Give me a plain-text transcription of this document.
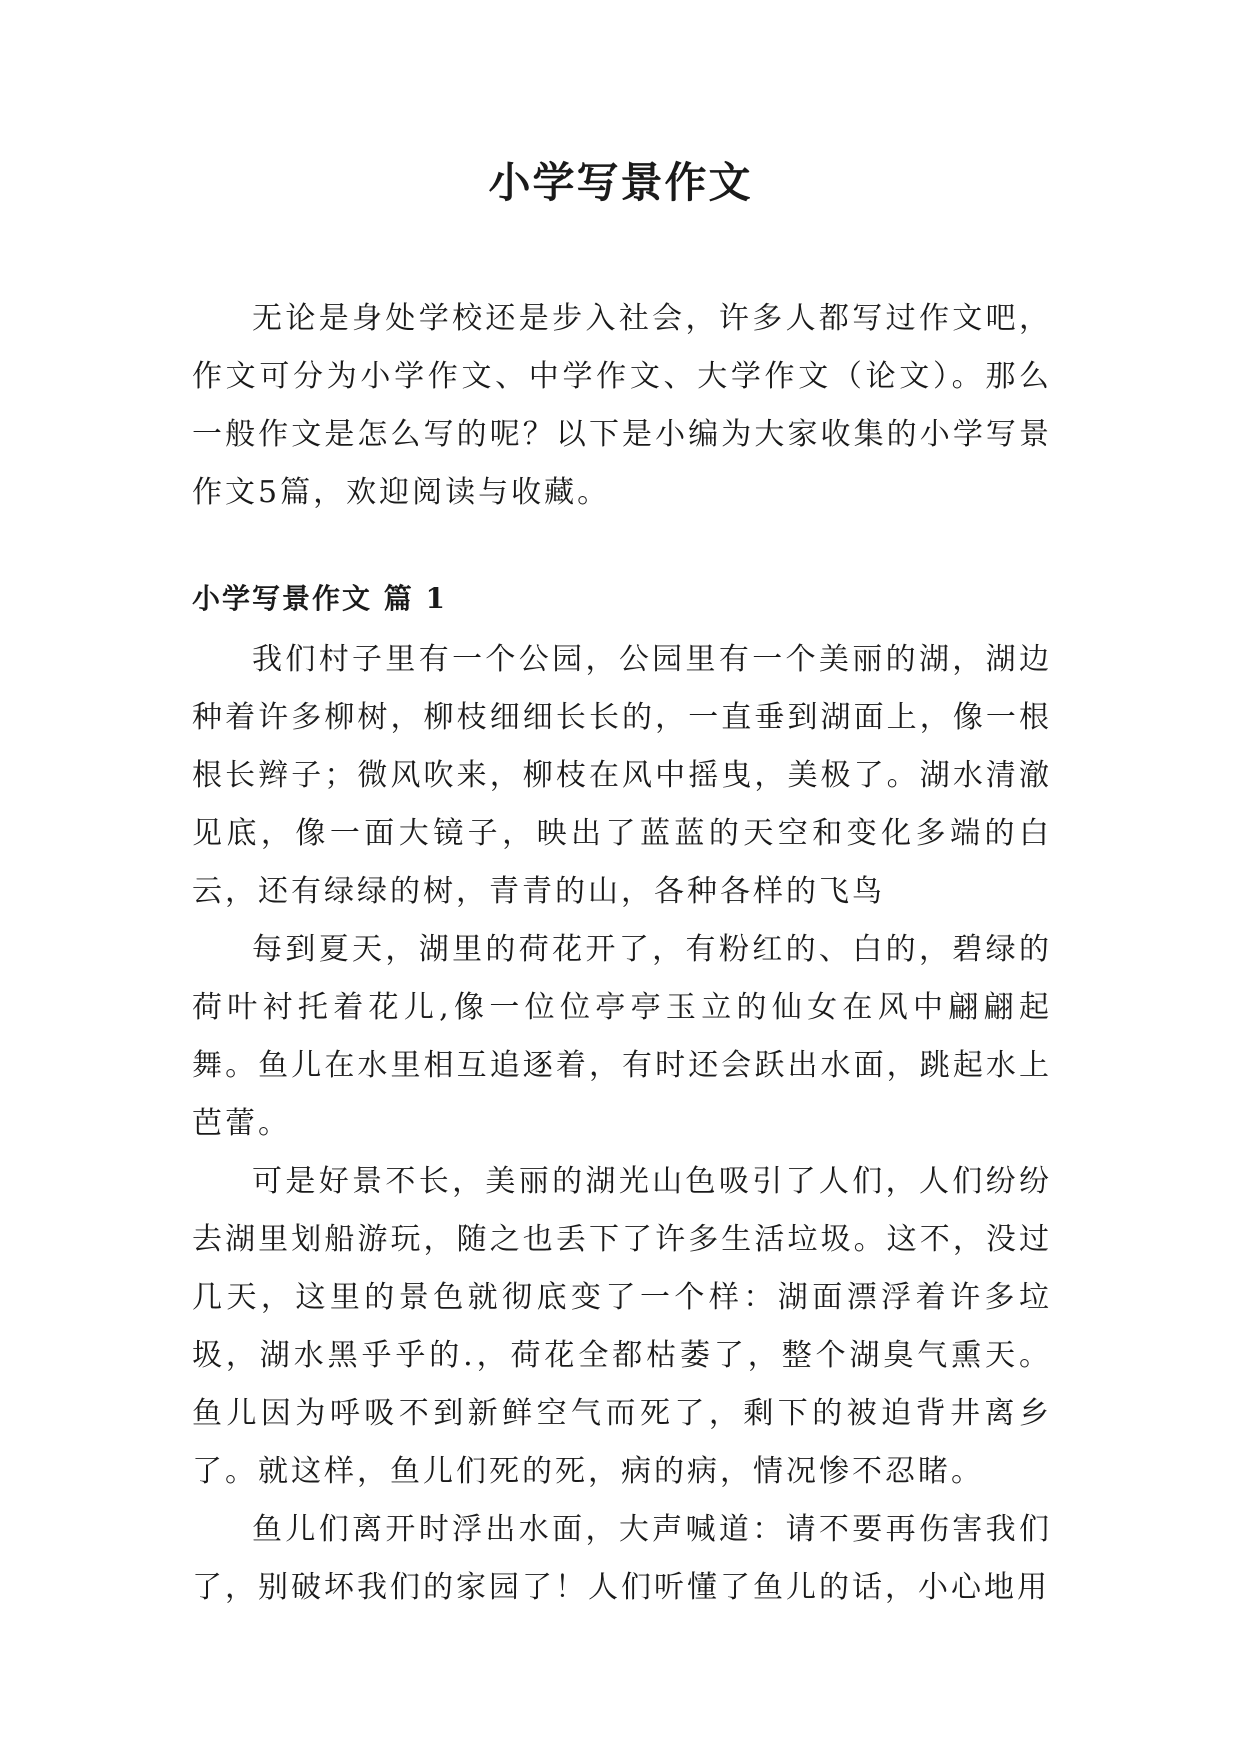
小学写景作文

无论是身处学校还是步入社会，许多人都写过作文吧，作文可分为小学作文、中学作文、大学作文（论文）。那么一般作文是怎么写的呢？以下是小编为大家收集的小学写景作文5篇，欢迎阅读与收藏。

小学写景作文 篇 1

我们村子里有一个公园，公园里有一个美丽的湖，湖边种着许多柳树，柳枝细细长长的，一直垂到湖面上，像一根根长辫子；微风吹来，柳枝在风中摇曳，美极了。湖水清澈见底，像一面大镜子，映出了蓝蓝的天空和变化多端的白云，还有绿绿的树，青青的山，各种各样的飞鸟

每到夏天，湖里的荷花开了，有粉红的、白的，碧绿的荷叶衬托着花儿,像一位位亭亭玉立的仙女在风中翩翩起舞。鱼儿在水里相互追逐着，有时还会跃出水面，跳起水上芭蕾。

可是好景不长，美丽的湖光山色吸引了人们，人们纷纷去湖里划船游玩，随之也丢下了许多生活垃圾。这不，没过几天，这里的景色就彻底变了一个样：湖面漂浮着许多垃圾，湖水黑乎乎的.，荷花全都枯萎了，整个湖臭气熏天。鱼儿因为呼吸不到新鲜空气而死了，剩下的被迫背井离乡了。就这样，鱼儿们死的死，病的病，情况惨不忍睹。

鱼儿们离开时浮出水面，大声喊道：请不要再伤害我们了，别破坏我们的家园了！人们听懂了鱼儿的话，小心地用
